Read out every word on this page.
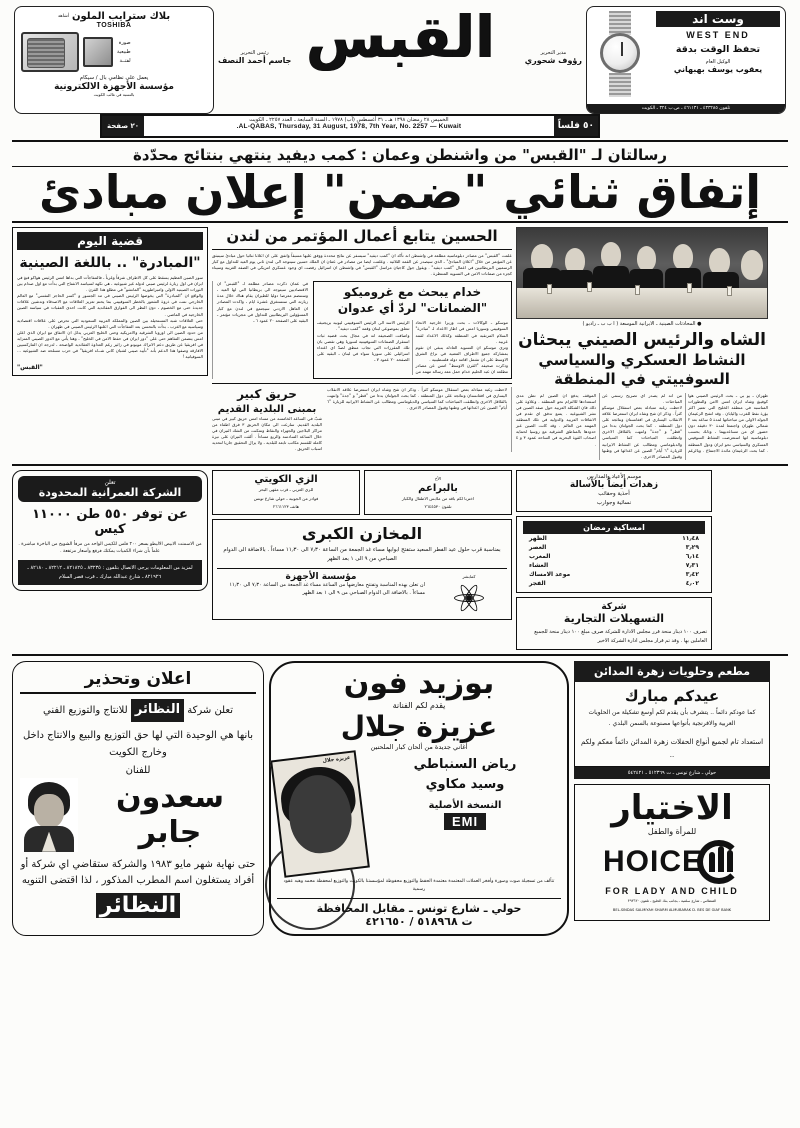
وست اند
WEST END
تحفظ الوقت بدقة
الوكيل العام
يعقوب يوسف بهبهاني
تلفون ٤٣٣٢٨٥ ـ ٤٦١١٣١ ـ ص.ب ٣٢٤ ـ الكويت
القبس
رئيس التحرير
جاسم أحمد النصف
مدير التحرير
رؤوف شحوري
أشاهد بلاك سترايب الملون
TOSHIBA
صورة
طبيعية
لفتــة
يعمل على نظامي بال / سيكام
مؤسسة الأجهزة الالكترونية
بالنسبة في غالب الكويت
٢٠ صفحة
الخميس ٢٨ رمضان ١٣٩٨ هـ ـ ٣١ أغسطس (آب) ١٩٧٨ ـ السنة السابعة ـ العدد ٢٢٥٧ ـ الكويت
AL-QABAS, Thursday, 31 August, 1978, 7th Year, No. 2257 — Kuwait.	٥٠ فلساً
رسالتان لـ "القبس" من واشنطن وعمان : كمب ديفيد ينتهي بنتائج محدّدة
إتفاق ثنائي "ضمن" إعلان مبادئ
قضية اليوم
"المبادرة" .. باللغة الصينية

سور الصين العظيم يسقط على كل الاطراف شرقاً وغرباً ، فالمفاجآت التي بداها امس الرئيس هواكو فنغ في ايران في اول زيارة لرئيس صيني لدولة غير شيوعية ، هي نكهة لسياسة الانفتاح التي بدأت مع اول صدام بين الثورات الصينية الاولى وامبراطورية "المانشو" في مطلع هذا القرن .

والواقع ان "المبادرة" التي يخوضها الرئيس الصيني في مد الجسور و "كسر الحاجز النفسي" مع العالم الخارجي نمت في ذروة الشعور بالخطر السوفييتي بما يحتم تعزيز العلاقات مع الاصدقاء وتدشين علاقات جديدة حتى مع الخصوم ، دون النظر الى الفوارق العقائدية التي كانت احدى العقبات في سياسة الصين الخارجية في الماضي .

حتى العلاقات شبه المستحيلة بين الصين والمملكة العربية السعودية التي تحرص على علاقات اقتصادية وسياسية مع الغرب ، بدأت بالتحسن بعد المفاجآت التي اعلنها الرئيس الصيني في طهران .

من حدود الصين الى اوروبا الشرقية والامريكية وحتى الخليج العربي يدلل ان الاتفاق مع ايران الذي اعلن امس يتضمن التفاهم حتى على "دور ايران في حفظ الامن في الخليج" ، وهنا يأتي مع الدور الصيني المتزايد في افريقيا عن طريق دعم الاتراك موبوتو في زائير رغم العداوة العقائدية الواضحة ، لدرجة ان الماركسيين الافارقة وصفوا هذا الدعم بأنه "تأييد صيني لشبان كاني شــاه افريقيا" في حرب مسلحة ضد الشيوعية ... السوفياتية !

"القبس"
الحسين يتابع أعمال المؤتمر من لندن

علمت "القبس" من مصادر دبلوماسية مطلعة في واشنطن انه تأكد ان "كمب ديفيد" سيسفر عن نتائج محددة ووفق عليها مسبقاً واتفق على ان اعلانا ثنائيا حول مبادئ سينبثق عن المؤتمر من خلال "اعلان المبادئ" ـ الذي سيصدر عن القمة الثلاثية . وعلمت ايضا من مصادر في عمان ان الملك حسين سيتوجه الى لندن ثاني يوم العيد للتداول مع كبار الرسميين البريطانيين في اعمال "كمب ديفيد" . ويقول جول كاجيان مراسل "القبس" في واشنطن ان اسرائيل رفضت اي وجود عسكري امريكي في الضفة الغربية وسيناء كجزء من ضمانات الامن في التسوية المنتظرة .

في عمان ذكرت مصادر مطلعة لـ "القبس" ان الاقتصاديين سيتوجه الى بريطانيا التي لها العيد ، وستنضم معرضا دوليا للطيران يقام هناك خلال مدة زيارته التي ستستغرق عشرة ايام ، واكدت المصادر ان العاهل الاردني سيجتمع في لندن مع كبار المسؤولين البريطانيين للتداول في مجريات مؤتمر ـ البقية على الصفحة ٢٠ عمود ٦ ـ

خدام يبحث مع غروميكو
"الضمانات" لردّ أي عدوان

موسكو ـ الوكالات ـ بحث وزيرا خارجية الاتحاد السوفييتي وسوريا امس في اطار الاعداد لـ "مبادرة" السلام المرتقبة في المنطقة وكذلك الاعداد لقمة عربية .

وترى موسكو ان التسوية العادلة ينبغي ان تقوم بمشاركة جميع الاطراف المعنية في نزاع الشرق الاوسط على ان تشمل اقامة دولة فلسطينية .

وذكرت صحيفة "القرن الاوسط" امس عن مصادر مطلعة ان عبد الحليم خدام حمل معه رسالة مهمة من الرئيس الاسد الى الرئيس السوفييتي ليونيد بريجنيف تتعلق بموضوعي لبنان وقمة "كمب ديفيد" .

واضافت الصحيفة انه في مجال بحث قضية ثبات استقرار الضمانات السوفييتية لسوريا وهي تقضي بان تلك المقررات التي تجاب منطق لصدّ اي اعتداء اسرائيلي على سوريا سواء في لبنان ـ البقية على الصفحة ٢٠ عمود ٧ ـ

حريق كبير
بمبنى البلدية القديم

شبّ في الساعة الخامسة من مساء امس حريق كبير في مبنى البلدية القديم. سارعت الى مكان الحريق ٣ فرق اطفاء من مراكز البلاجين والجهراء والنقاط وتمكنت من الشك النيران في خلال الساعة السادسة والربع مساءاً . ألقت النيران على نيرة كاملة للقسم مكاتب تابعة للبلدية ، ولا يزال التحقيق جاريا لتحديد اسباب الحريق .

لاحظت رغبة متبادلة بعض استقلال موسكو كثراً . وذكر ان شح وشاه ايران استعرضا علاقة الانقلاب اليساري في افغانستان ونتائجه على دول المنطقة . كما بحث الجولتان بدءا من "قطر" و "جدة" وانتهت بالقلاقل الاخرى وانطلقت المباحثات كما السياسي والدبلوماسي ومطالب عن النشاط الايرانية للزيارة "٦ أيام" الصين عن اعدائها في وطنها وقبول المصادر الاخرى .

● المحادثات الصينية ـ الايرانية الموسعة ( ا ب ب ـ راديو )
الشاه والرئيس الصيني يبحثان
النشاط العسكري والسياسي السوفييتي في المنطقة

طهران ـ يو بي ـ بحث الرئيس الصيني هوا كوفينغ وشاه ايران امس الامن والتطورات المناسبة في منطقة الخليج التي تعتبر اكثر بؤرة نفط للغرب واليابان . وقد انفتح الزعيمان الجولة الاولى من مباحثاتها لمدة ٥ ساعة بعد ٢ شمالي طهران واجتمعا لمدة ٣٠ دقيقة دون حضور اي من مساعديهما ، وذلك بحسب دبلوماسية انها استعرضت النشاط السوفيتي العسكري والسياسي نحو ايران ودول المنطقة . كما بحث الزعيمان مائدة الاجتماع . وبالرغم من انه لم يصدر اي تصريح رسمي عن المباحثات .

لاحظت رغبة متبادلة بعض استقلال موسكو كثراً . وذكر ان شح وشاه ايران استعرضا علاقة الانقلاب اليساري في افغانستان ونتائجه على دول المنطقة . كما بحث الجولتان بدءا من "قطر" و "جدة" وانتهت بالقلاقل الاخرى وانطلقت المباحثات كما السياسي والدبلوماسي ومطالب عن النشاط الايرانية للزيارة "٦ أيام" الصين عن اعدائها في وطنها وقبول المصادر الاخرى .

الموقف يدفع ان الصين لم تطن مدى استعدادها للالتزام نحو المنطقة . وعلاوة على ذلك فان الشكلة العربية حول صفد الصين في نشر الشيوعية . يمنع تدفق اي تقدم في الاتفاقات العربية والدولية في تلك المنطقة المهمة من العالم . وقد كانت الصين عبر حدودها بالمناطق الشرقية مع روسيا لحماية اصحاب القوة البحرية في الساحة عمود ٣ و ٤ .

تعلن
الشركة العمرانية المحدودة
عن توفر ٥٥٠ طن ١١٠٠٠ كيس
من الاسمنت الابيض الاليطو بسعر ٢٠٠ فلس للكيس الواحد من مرفأ الشويخ من الباخرة مباشرة . علماً بأن شراء الكميات يمكنك فرقع وأسعار مرتفعة .
لمزيد من المعلومات يرجى الاتصال بتلفون : ٨٣٢٣٥ ـ ٨٢١٨٢٥ ـ ٨٢٢١٢ ـ ٨٢١٨٠ ـ ٨٢١٩٢٦ ـ شارع عبدالله مبارك ـ قرب قصر السلام
الزي الكويتي
للزي العربي ـ قرب مقهى البحر
فوادر من الجونية ـ حولي شارع تونس
هاتف ٢٦٦١١٢٣
الأخ
بالبراعم
اخترنا لكم باقة من ملابس الاطفال والكبار
تلفون ٢٦٤٤٥٣٠
المخازن الكبرى
بمناسبة قرب حلول عيد الفطر السعيد ستفتح ابوابها مساء غد الجمعة من الساعة ٧٫٣٠ الى ١١٫٣٠ مساءاً . بالاضافة الى الدوام الصباحي من ٩ الى ١ بعد الظهر
مؤسسة الأجهزة
ان تعلن بهذه المناسبة وتفتتح معارضها من الساعة مساء غد الجمعة من الساعة ٧٫٣٠ الى ١١٫٣٠ مساءاً . بالاضافة الى الدوام الصباحي من ٩ الى ١ بعد الظهر
كمابشر
موسم الأعياد والمدارس
زهدات أيضاً بالأسالة
أحذية وحقائب
نسائية وجوارب
امساكية رمضان
الظهر	١١٫٤٨
العصر	٣٫٢٩
المغرب	٦٫١٤
العشاء	٧٫٣١
موعد الامساك	٣٫٤٢
الفجر	٤٫٠٢
شركة
التسهيلات التجارية
تصرف ١٠٠ دينار منحة قرر مجلس الادارة للشركة صرف مبلغ ١٠٠ دينار منحة للجميع العاملين بها . وقد تم قرار مجلس ادارة الشركة الاخير
اعلان وتحذير
تعلن شركة النظائر للانتاج والتوزيع الفني
بانها هي الوحيدة التي لها حق التوزيع والبيع والانتاج داخل وخارج الكويت
للفنان
سعدون جابر
حتى نهاية شهر مايو ١٩٨٣ والشركة ستقاضي اي شركة أو أفراد يستغلون اسم المطرب المذكور ، لذا اقتضى التنويه
النظائر
بوزيد فون
يقدم لكم الفنانة
عزيزة جلال
أغاني جديدة من ألحان كبار الملحنين
عزيزة جلال	رياض السنباطي
وسيد مكاوي
النسخة الأصلية
EMI
تتألف من تسجيلة صوت وصورة وأفخر العملات المعتمدة معتمدة الحفظ والتوزيع محفوظة لمؤسستنا بالكويت والتوزيع لمحفظة محمد وهبه عقود رسمية
حولي ـ شارع تونس ـ مقابل المحافظة
ت ٥١٨٩٦٨ / ٤٢١٦٥٠
مطعم وحلويات زهرة المدائن
عيدكم مبارك
كما عودكم دائماً .. يتشرف بأن يقدم لكم أوسع تشكيلة من الحلويات العربية والافرنجية بأنواعها مصنوعة بالسمن البلدي .
استعداد تام لجميع أنواع الحفلات زهرة المدائن دائماً معكم ولكم ..
حولي ـ شارع تونس ـ ت ٥١٢٣٦٩ ـ ٥٤٢٤٢١
الاختيار
للمرأة والطفل
HOICE
FOR LADY AND CHILD
الفنطاس ـ شارع سلمية ـ بجانب بنك الخليج ـ تلفون ٣٩٣٦٣٠
BEL-SINDAS SALMIYAH SHARM ALMUBARAK D. BES DE GIAF BANK
